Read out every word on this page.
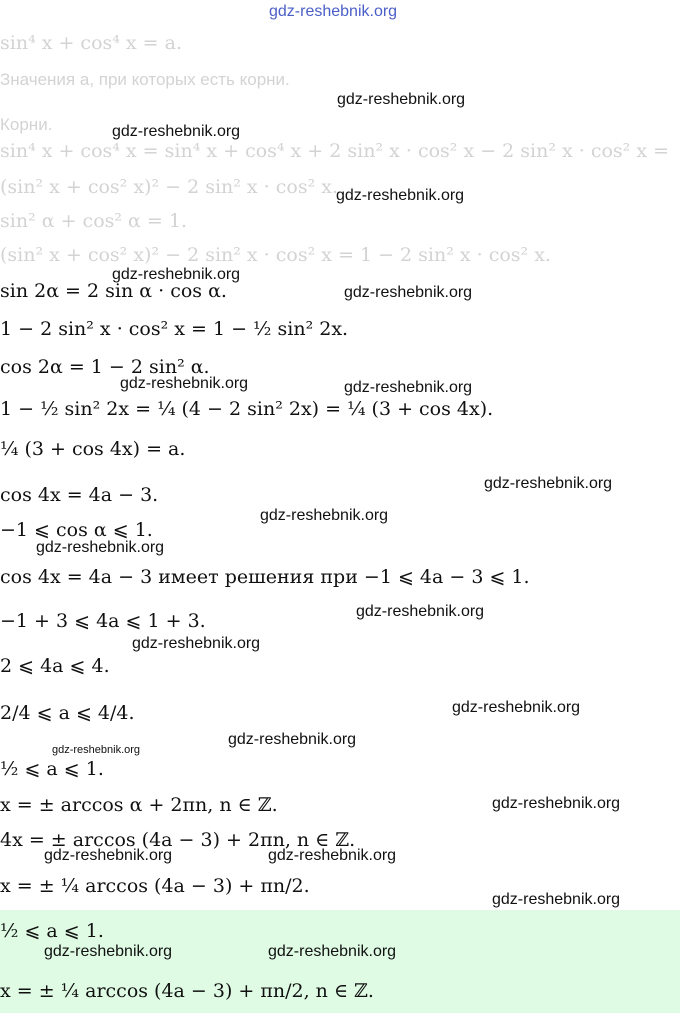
gdz-reshebnik.org
sin⁴ x + cos⁴ x = a.
Значения a, при которых есть корни.
Корни.
sin⁴ x + cos⁴ x = sin⁴ x + cos⁴ x + 2 sin² x · cos² x − 2 sin² x · cos² x =
(sin² x + cos² x)² − 2 sin² x · cos² x.
sin² α + cos² α = 1.
(sin² x + cos² x)² − 2 sin² x · cos² x = 1 − 2 sin² x · cos² x.
sin 2α = 2 sin α · cos α.
1 − 2 sin² x · cos² x = 1 − ½ sin² 2x.
cos 2α = 1 − 2 sin² α.
1 − ½ sin² 2x = ¼ (4 − 2 sin² 2x) = ¼ (3 + cos 4x).
¼ (3 + cos 4x) = a.
cos 4x = 4a − 3.
−1 ⩽ cos α ⩽ 1.
cos 4x = 4a − 3 имеет решения при −1 ⩽ 4a − 3 ⩽ 1.
−1 + 3 ⩽ 4a ⩽ 1 + 3.
2 ⩽ 4a ⩽ 4.
2/4 ⩽ a ⩽ 4/4.
½ ⩽ a ⩽ 1.
x = ± arccos α + 2πn, n ∈ ℤ.
4x = ± arccos (4a − 3) + 2πn, n ∈ ℤ.
x = ± ¼ arccos (4a − 3) + πn/2.
½ ⩽ a ⩽ 1.
x = ± ¼ arccos (4a − 3) + πn/2, n ∈ ℤ.
gdz-reshebnik.org
gdz-reshebnik.org
gdz-reshebnik.org
gdz-reshebnik.org
gdz-reshebnik.org
gdz-reshebnik.org	gdz-reshebnik.org
gdz-reshebnik.org
gdz-reshebnik.org
gdz-reshebnik.org
gdz-reshebnik.org
gdz-reshebnik.org
gdz-reshebnik.org
gdz-reshebnik.org
gdz-reshebnik.org
gdz-reshebnik.org
gdz-reshebnik.org	gdz-reshebnik.org
gdz-reshebnik.org
gdz-reshebnik.org	gdz-reshebnik.org
